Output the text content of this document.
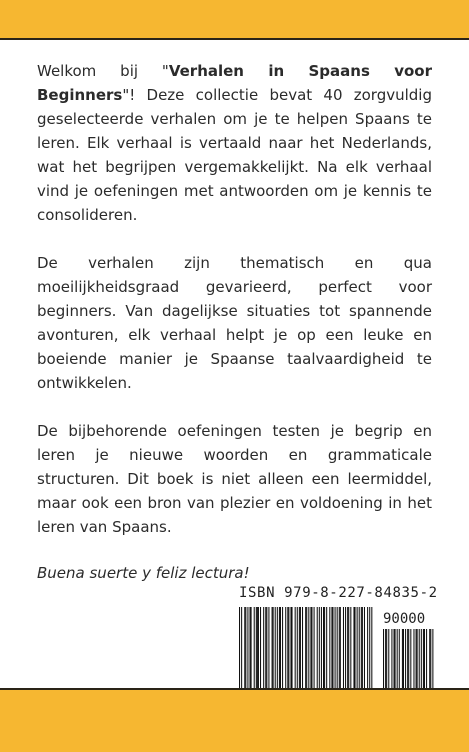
Welkom bij "Verhalen in Spaans voor Beginners"! Deze collectie bevat 40 zorgvuldig geselecteerde verhalen om je te helpen Spaans te leren. Elk verhaal is vertaald naar het Nederlands, wat het begrijpen vergemakkelijkt. Na elk verhaal vind je oefeningen met antwoorden om je kennis te consolideren.

De verhalen zijn thematisch en qua moeilijkheidsgraad gevarieerd, perfect voor beginners. Van dagelijkse situaties tot spannende avonturen, elk verhaal helpt je op een leuke en boeiende manier je Spaanse taalvaardigheid te ontwikkelen.

De bijbehorende oefeningen testen je begrip en leren je nieuwe woorden en grammaticale structuren. Dit boek is niet alleen een leermiddel, maar ook een bron van plezier en voldoening in het leren van Spaans.

Buena suerte y feliz lectura!

ISBN 979-8-227-84835-2
90000
